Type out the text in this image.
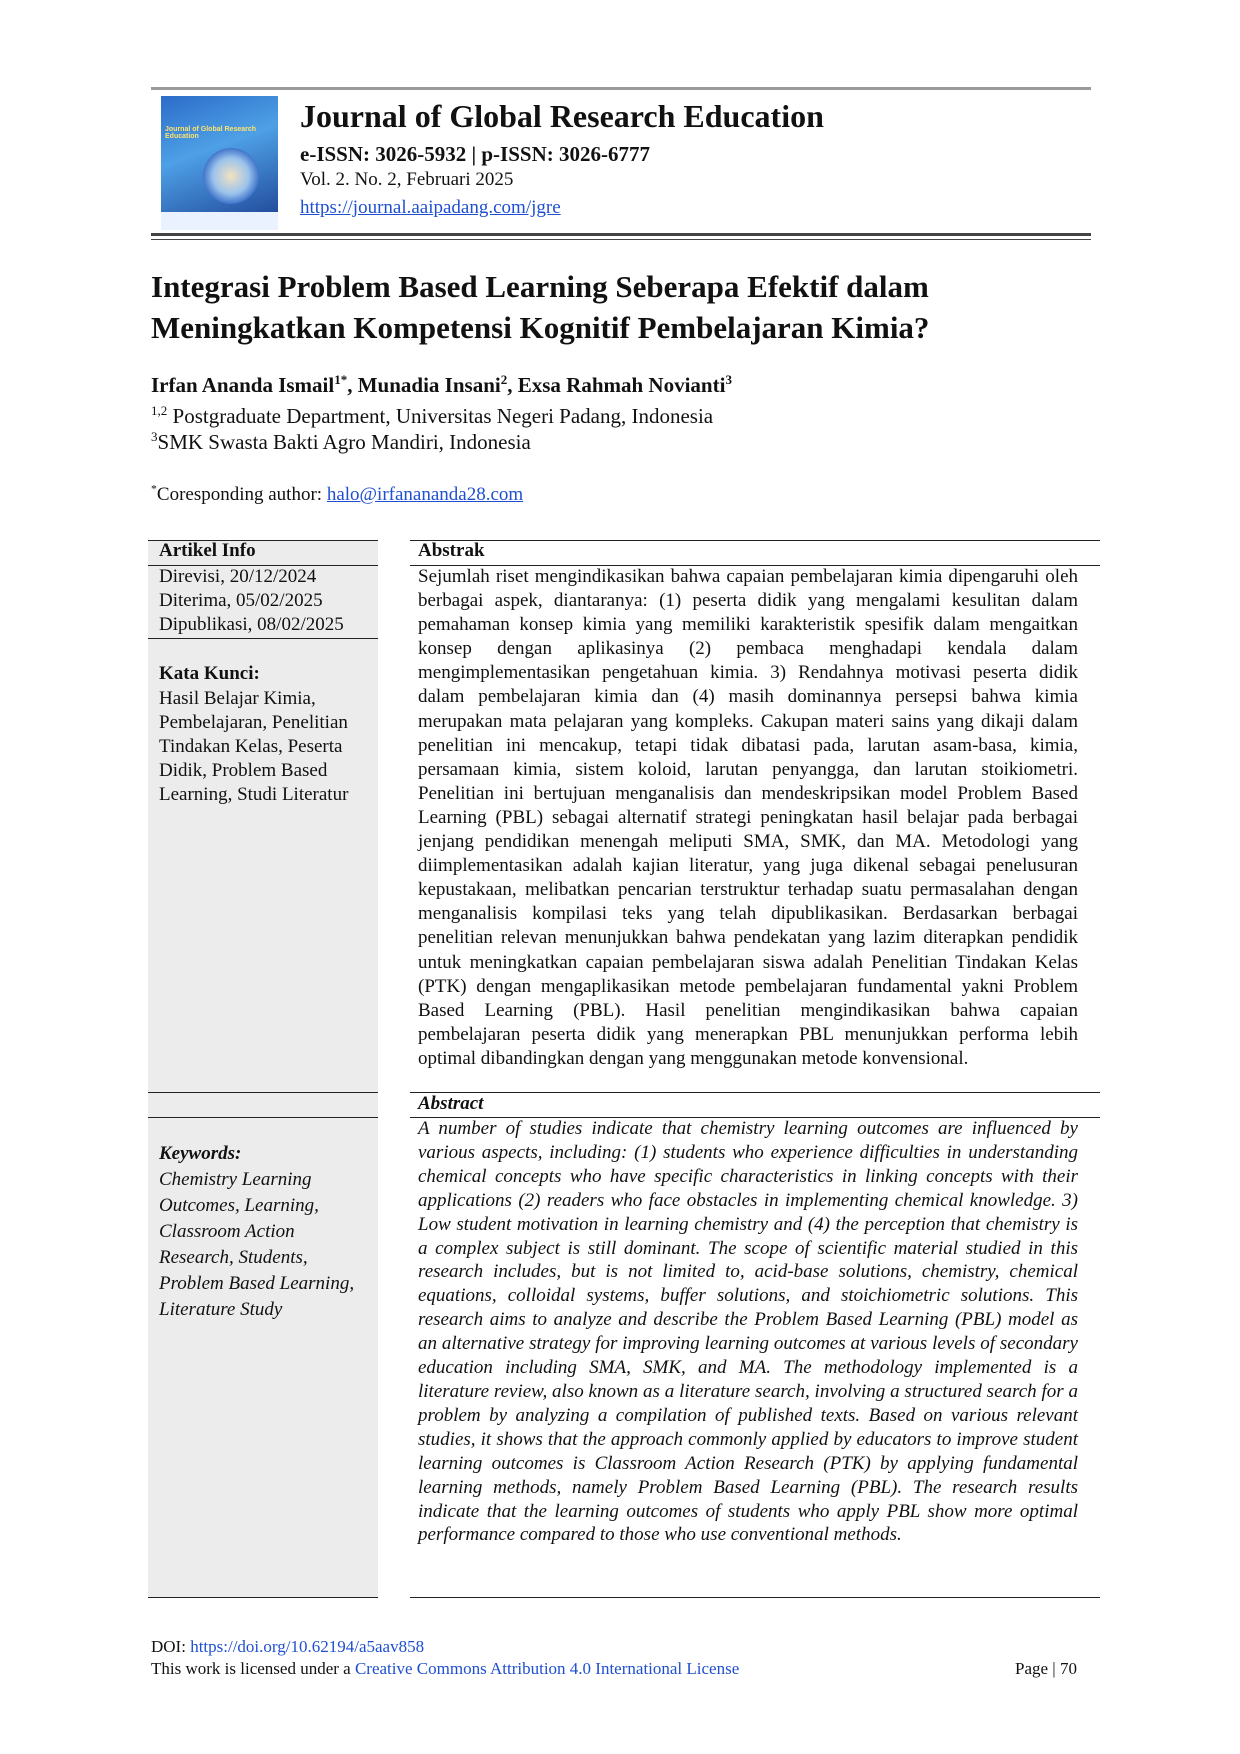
Journal of Global Research Education
Journal of Global Research Education
e-ISSN: 3026-5932 | p-ISSN: 3026-6777
Vol. 2. No. 2, Februari 2025
https://journal.aaipadang.com/jgre
Integrasi Problem Based Learning Seberapa Efektif dalam Meningkatkan Kompetensi Kognitif Pembelajaran Kimia?
Irfan Ananda Ismail$^{1*}$, Munadia Insani$^2$, Exsa Rahmah Novianti$^3$
$^{1,2}$ Postgraduate Department, Universitas Negeri Padang, Indonesia
$^3$SMK Swasta Bakti Agro Mandiri, Indonesia
*Coresponding author: halo@irfananandа28.com
Artikel Info
Direvisi, 20/12/2024
Diterima, 05/02/2025
Dipublikasi, 08/02/2025
Kata Kunci:
Hasil Belajar Kimia, Pembelajaran, Penelitian Tindakan Kelas, Peserta Didik, Problem Based Learning, Studi Literatur
Keywords:
Chemistry Learning Outcomes, Learning, Classroom Action Research, Students, Problem Based Learning, Literature Study
Abstrak
Sejumlah riset mengindikasikan bahwa capaian pembelajaran kimia dipengaruhi oleh berbagai aspek, diantaranya: (1) peserta didik yang mengalami kesulitan dalam pemahaman konsep kimia yang memiliki karakteristik spesifik dalam mengaitkan konsep dengan aplikasinya (2) pembaca menghadapi kendala dalam mengimplementasikan pengetahuan kimia. 3) Rendahnya motivasi peserta didik dalam pembelajaran kimia dan (4) masih dominannya persepsi bahwa kimia merupakan mata pelajaran yang kompleks. Cakupan materi sains yang dikaji dalam penelitian ini mencakup, tetapi tidak dibatasi pada, larutan asam-basa, kimia, persamaan kimia, sistem koloid, larutan penyangga, dan larutan stoikiometri. Penelitian ini bertujuan menganalisis dan mendeskripsikan model Problem Based Learning (PBL) sebagai alternatif strategi peningkatan hasil belajar pada berbagai jenjang pendidikan menengah meliputi SMA, SMK, dan MA. Metodologi yang diimplementasikan adalah kajian literatur, yang juga dikenal sebagai penelusuran kepustakaan, melibatkan pencarian terstruktur terhadap suatu permasalahan dengan menganalisis kompilasi teks yang telah dipublikasikan. Berdasarkan berbagai penelitian relevan menunjukkan bahwa pendekatan yang lazim diterapkan pendidik untuk meningkatkan capaian pembelajaran siswa adalah Penelitian Tindakan Kelas (PTK) dengan mengaplikasikan metode pembelajaran fundamental yakni Problem Based Learning (PBL). Hasil penelitian mengindikasikan bahwa capaian pembelajaran peserta didik yang menerapkan PBL menunjukkan performa lebih optimal dibandingkan dengan yang menggunakan metode konvensional.
Abstract
A number of studies indicate that chemistry learning outcomes are influenced by various aspects, including: (1) students who experience difficulties in understanding chemical concepts who have specific characteristics in linking concepts with their applications (2) readers who face obstacles in implementing chemical knowledge. 3) Low student motivation in learning chemistry and (4) the perception that chemistry is a complex subject is still dominant. The scope of scientific material studied in this research includes, but is not limited to, acid-base solutions, chemistry, chemical equations, colloidal systems, buffer solutions, and stoichiometric solutions. This research aims to analyze and describe the Problem Based Learning (PBL) model as an alternative strategy for improving learning outcomes at various levels of secondary education including SMA, SMK, and MA. The methodology implemented is a literature review, also known as a literature search, involving a structured search for a problem by analyzing a compilation of published texts. Based on various relevant studies, it shows that the approach commonly applied by educators to improve student learning outcomes is Classroom Action Research (PTK) by applying fundamental learning methods, namely Problem Based Learning (PBL). The research results indicate that the learning outcomes of students who apply PBL show more optimal performance compared to those who use conventional methods.
DOI: https://doi.org/10.62194/a5aav858
This work is licensed under a Creative Commons Attribution 4.0 International License	Page | 70
